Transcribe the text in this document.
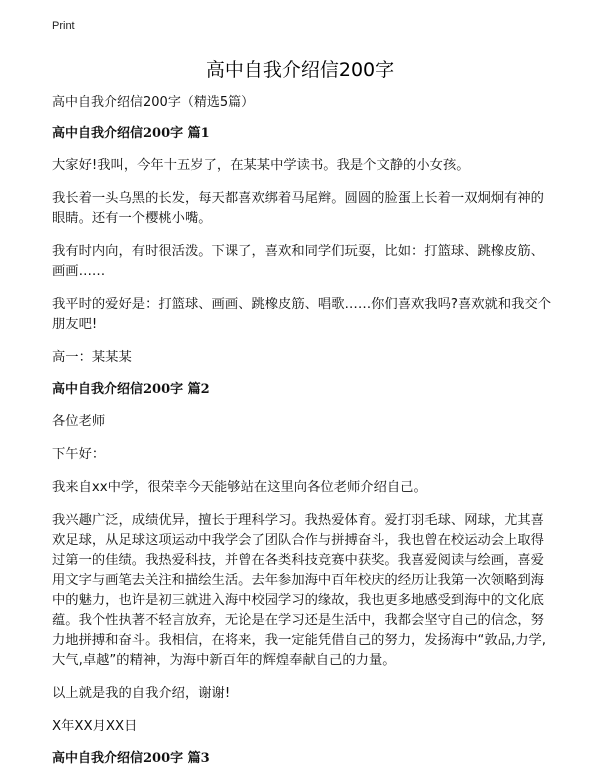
Print
高中自我介绍信200字

高中自我介绍信200字（精选5篇）

高中自我介绍信200字 篇1

大家好!我叫，今年十五岁了，在某某中学读书。我是个文静的小女孩。

我长着一头乌黑的长发，每天都喜欢绑着马尾辫。圆圆的脸蛋上长着一双炯炯有神的眼睛。还有一个樱桃小嘴。

我有时内向，有时很活泼。下课了，喜欢和同学们玩耍，比如：打篮球、跳橡皮筋、画画……

我平时的爱好是：打篮球、画画、跳橡皮筋、唱歌……你们喜欢我吗?喜欢就和我交个朋友吧!

高一：某某某

高中自我介绍信200字 篇2

各位老师

下午好：

我来自xx中学，很荣幸今天能够站在这里向各位老师介绍自己。

我兴趣广泛，成绩优异，擅长于理科学习。我热爱体育。爱打羽毛球、网球，尤其喜欢足球，从足球这项运动中我学会了团队合作与拼搏奋斗，我也曾在校运动会上取得过第一的佳绩。我热爱科技，并曾在各类科技竞赛中获奖。我喜爱阅读与绘画，喜爱用文字与画笔去关注和描绘生活。去年参加海中百年校庆的经历让我第一次领略到海中的魅力，也许是初三就进入海中校园学习的缘故，我也更多地感受到海中的文化底蕴。我个性执著不轻言放弃，无论是在学习还是生活中，我都会坚守自己的信念，努力地拼搏和奋斗。我相信，在将来，我一定能凭借自己的努力，发扬海中“敦品,力学,大气,卓越”的精神，为海中新百年的辉煌奉献自己的力量。

以上就是我的自我介绍，谢谢!

X年XX月XX日

高中自我介绍信200字 篇3
